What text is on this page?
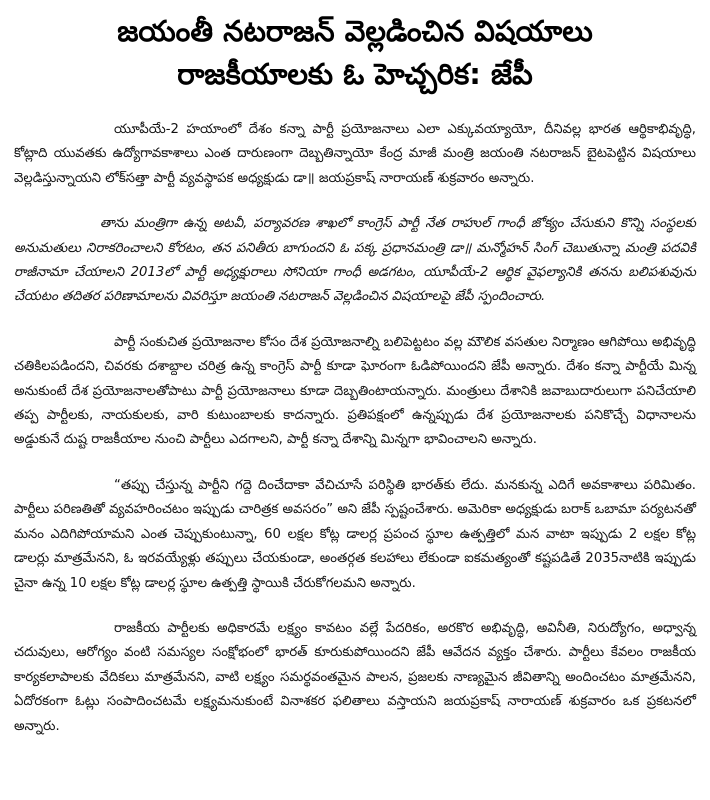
జయంతీ నటరాజన్ వెల్లడించిన విషయాలు
రాజకీయాలకు ఓ హెచ్చరిక: జేపీ

యూపీయే-2 హయాంలో దేశం కన్నా పార్టీ ప్రయోజనాలు ఎలా ఎక్కువయ్యాయో, దీనివల్ల భారత ఆర్థికాభివృద్ధి, కోట్లాది యువతకు ఉద్యోగావకాశాలు ఎంత దారుణంగా దెబ్బతిన్నాయో కేంద్ర మాజీ మంత్రి జయంతి నటరాజన్ బైటపెట్టిన విషయాలు వెల్లడిస్తున్నాయని లోక్‌సత్తా పార్టీ వ్యవస్థాపక అధ్యక్షుడు డా॥ జయప్రకాష్ నారాయణ్ శుక్రవారం అన్నారు.

తాను మంత్రిగా ఉన్న అటవీ, పర్యావరణ శాఖలో కాంగ్రెస్ పార్టీ నేత రాహుల్ గాంధీ జోక్యం చేసుకుని కొన్ని సంస్థలకు అనుమతులు నిరాకరించాలని కోరటం, తన పనితీరు బాగుందని ఓ పక్క ప్రధానమంత్రి డా॥ మన్మోహన్ సింగ్ చెబుతున్నా మంత్రి పదవికి రాజీనామా చేయాలని 2013లో పార్టీ అధ్యక్షురాలు సోనియా గాంధీ అడగటం, యూపీయే-2 ఆర్థిక వైఫల్యానికి తనను బలిపశువును చేయటం తదితర పరిణామాలను వివరిస్తూ జయంతి నటరాజన్ వెల్లడించిన విషయాలపై జేపీ స్పందించారు.

పార్టీ సంకుచిత ప్రయోజనాల కోసం దేశ ప్రయోజనాల్ని బలిపెట్టటం వల్ల మౌలిక వసతుల నిర్మాణం ఆగిపోయి అభివృద్ధి చతికిలపడిందని, చివరకు దశాబ్దాల చరిత్ర ఉన్న కాంగ్రెస్ పార్టీ కూడా ఘోరంగా ఓడిపోయిందని జేపీ అన్నారు. దేశం కన్నా పార్టీయే మిన్న అనుకుంటే దేశ ప్రయోజనాలతోపాటు పార్టీ ప్రయోజనాలు కూడా దెబ్బతింటాయన్నారు. మంత్రులు దేశానికి జవాబుదారులుగా పనిచేయాలి తప్ప పార్టీలకు, నాయకులకు, వారి కుటుంబాలకు కాదన్నారు. ప్రతిపక్షంలో ఉన్నప్పుడు దేశ ప్రయోజనాలకు పనికొచ్చే విధానాలను అడ్డుకునే దుష్ట రాజకీయాల నుంచి పార్టీలు ఎదగాలని, పార్టీ కన్నా దేశాన్ని మిన్నగా భావించాలని అన్నారు.

“తప్పు చేస్తున్న పార్టీని గద్దె దించేదాకా వేచిచూసే పరిస్థితి భారత్‌కు లేదు. మనకున్న ఎదిగే అవకాశాలు పరిమితం. పార్టీలు పరిణతితో వ్యవహరించటం ఇప్పుడు చారిత్రక అవసరం” అని జేపీ స్పష్టంచేశారు. అమెరికా అధ్యక్షుడు బరాక్ ఒబామా పర్యటనతో మనం ఎదిగిపోయామని ఎంత చెప్పుకుంటున్నా, 60 లక్షల కోట్ల డాలర్ల ప్రపంచ స్థూల ఉత్పత్తిలో మన వాటా ఇప్పుడు 2 లక్షల కోట్ల డాలర్లు మాత్రమేనని, ఓ ఇరవయ్యేళ్లు తప్పులు చేయకుండా, అంతర్గత కలహాలు లేకుండా ఐకమత్యంతో కష్టపడితే 2035నాటికి ఇప్పుడు చైనా ఉన్న 10 లక్షల కోట్ల డాలర్ల స్థూల ఉత్పత్తి స్థాయికి చేరుకోగలమని అన్నారు.

రాజకీయ పార్టీలకు అధికారమే లక్ష్యం కావటం వల్లే పేదరికం, అరకొర అభివృద్ధి, అవినీతి, నిరుద్యోగం, అధ్వాన్న చదువులు, ఆరోగ్యం వంటి సమస్యల సంక్షోభంలో భారత్ కూరుకుపోయిందని జేపీ ఆవేదన వ్యక్తం చేశారు. పార్టీలు కేవలం రాజకీయ కార్యకలాపాలకు వేదికలు మాత్రమేనని, వాటి లక్ష్యం సమర్థవంతమైన పాలన, ప్రజలకు నాణ్యమైన జీవితాన్ని అందించటం మాత్రమేనని, ఏదోరకంగా ఓట్లు సంపాదించటమే లక్ష్యమనుకుంటే వినాశకర ఫలితాలు వస్తాయని జయప్రకాష్ నారాయణ్ శుక్రవారం ఒక ప్రకటనలో అన్నారు.
